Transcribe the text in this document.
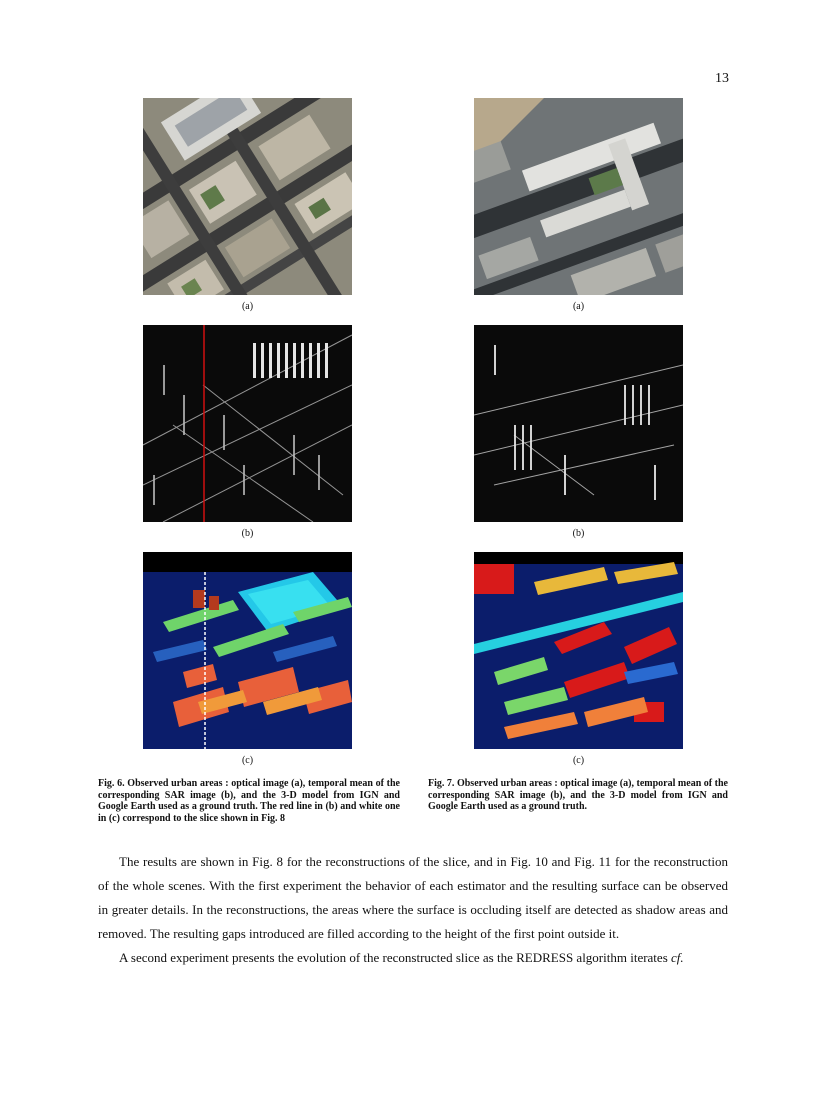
13
(a)
(b)
(c)
Fig. 6. Observed urban areas : optical image (a), temporal mean of the corresponding SAR image (b), and the 3-D model from IGN and Google Earth used as a ground truth. The red line in (b) and white one in (c) correspond to the slice shown in Fig. 8
(a)
(b)
(c)
Fig. 7. Observed urban areas : optical image (a), temporal mean of the corresponding SAR image (b), and the 3-D model from IGN and Google Earth used as a ground truth.

The results are shown in Fig. 8 for the reconstructions of the slice, and in Fig. 10 and Fig. 11 for the reconstruction of the whole scenes. With the first experiment the behavior of each estimator and the resulting surface can be observed in greater details. In the reconstructions, the areas where the surface is occluding itself are detected as shadow areas and removed. The resulting gaps introduced are filled according to the height of the first point outside it.

A second experiment presents the evolution of the reconstructed slice as the REDRESS algorithm iterates cf.
